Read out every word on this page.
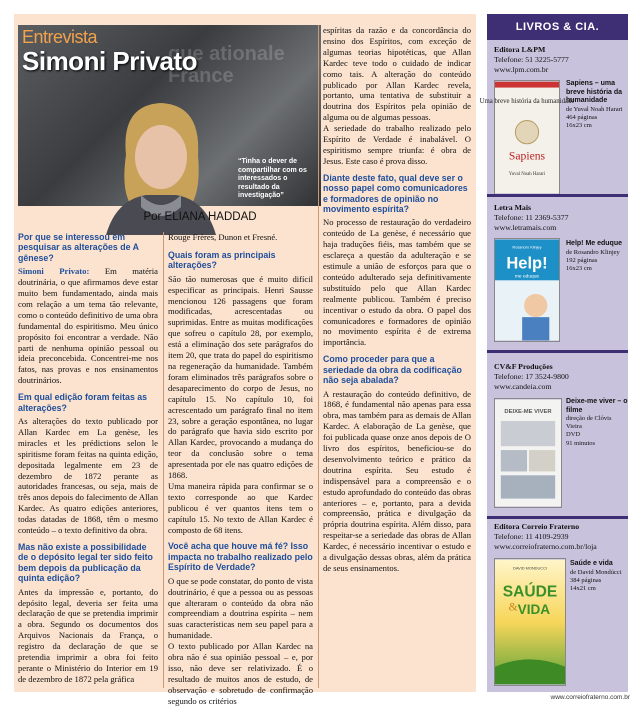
que ationale France
Entrevista
Simoni Privato
“Tinha o dever de compartilhar com os interessados o resultado da investigação”
Por ELIANA HADDAD
Por que se interessou em pesquisar as alterações de A gênese?

Simoni Privato: Em matéria doutrinária, o que afirmamos deve estar muito bem fundamentado, ainda mais com relação a um tema tão relevante, como o conteúdo definitivo de uma obra fundamental do espiritismo. Meu único propósito foi encontrar a verdade. Não parti de nenhuma opinião pessoal ou ideia preconcebida. Concentrei-me nos fatos, nas provas e nos ensinamentos doutrinários.

Em qual edição foram feitas as alterações?

As alterações do texto publicado por Allan Kardec em La genèse, les miracles et les prédictions selon le spiritisme foram feitas na quinta edição, depositada legalmente em 23 de dezembro de 1872 perante as autoridades francesas, ou seja, mais de três anos depois do falecimento de Allan Kardec. As quatro edições anteriores, todas datadas de 1868, têm o mesmo conteúdo – o texto definitivo da obra.

Mas não existe a possibilidade de o depósito legal ter sido feito bem depois da publicação da quinta edição?

Antes da impressão e, portanto, do depósito legal, deveria ser feita uma declaração de que se pretendia imprimir a obra. Segundo os documentos dos Arquivos Nacionais da França, o registro da declaração de que se pretendia imprimir a obra foi feito perante o Ministério do Interior em 19 de dezembro de 1872 pela gráfica

Rouge Frères, Dunon et Fresné.

Quais foram as principais alterações?

São tão numerosas que é muito difícil especificar as principais. Henri Sausse mencionou 126 passagens que foram modificadas, acrescentadas ou suprimidas. Entre as muitas modificações que sofreu o capítulo 28, por exemplo, está a eliminação dos sete parágrafos do item 20, que trata do papel do espiritismo na regeneração da humanidade. Também foram eliminados três parágrafos sobre o desaparecimento do corpo de Jesus, no capítulo 15. No capítulo 10, foi acrescentado um parágrafo final no item 23, sobre a geração espontânea, no lugar do parágrafo que havia sido escrito por Allan Kardec, provocando a mudança do teor da conclusão sobre o tema apresentada por ele nas quatro edições de 1868.

Uma maneira rápida para confirmar se o texto corresponde ao que Kardec publicou é ver quantos itens tem o capítulo 15. No texto de Allan Kardec é composto de 68 itens.

Você acha que houve má fé? Isso impacta no trabalho realizado pelo Espírito de Verdade?

O que se pode constatar, do ponto de vista doutrinário, é que a pessoa ou as pessoas que alteraram o conteúdo da obra não compreendiam a doutrina espírita – nem suas características nem seu papel para a humanidade.

O texto publicado por Allan Kardec na obra não é sua opinião pessoal – e, por isso, não deve ser relativizado. É o resultado de muitos anos de estudo, de observação e sobretudo de confirmação segundo os critérios

espíritas da razão e da concordância do ensino dos Espíritos, com exceção de algumas teorias hipotéticas, que Allan Kardec teve todo o cuidado de indicar como tais. A alteração do conteúdo publicado por Allan Kardec revela, portanto, uma tentativa de substituir a doutrina dos Espíritos pela opinião de alguma ou de algumas pessoas.

A seriedade do trabalho realizado pelo Espírito de Verdade é inabalável. O espiritismo sempre triunfa: é obra de Jesus. Este caso é prova disso.

Diante deste fato, qual deve ser o nosso papel como comunicadores e formadores de opinião no movimento espírita?

No processo de restauração do verdadeiro conteúdo de La genèse, é necessário que haja traduções fiéis, mas também que se esclareça a questão da adulteração e se estimule a união de esforços para que o conteúdo adulterado seja definitivamente substituído pelo que Allan Kardec realmente publicou. Também é preciso incentivar o estudo da obra. O papel dos comunicadores e formadores de opinião no movimento espírita é de extrema importância.

Como proceder para que a seriedade da obra da codificação não seja abalada?

A restauração do conteúdo definitivo, de 1868, é fundamental não apenas para essa obra, mas também para as demais de Allan Kardec. A elaboração de La genèse, que foi publicada quase onze anos depois de O livro dos espíritos, beneficiou-se do desenvolvimento teórico e prático da doutrina espírita. Seu estudo é indispensável para a compreensão e o estudo aprofundado do conteúdo das obras anteriores – e, portanto, para a devida compreensão, prática e divulgação da própria doutrina espírita. Além disso, para respeitar-se a seriedade das obras de Allan Kardec, é necessário incentivar o estudo e a divulgação dessas obras, além da prática de seus ensinamentos.

LIVROS & CIA.
Editora L&PM
Telefone: 51 3225-5777
www.lpm.com.br
Uma breve história da humanidade
Sapiens
Yuval Noah Harari
Sapiens – uma breve história da humanidade
de Yuval Noah Harari
464 páginas
16x23 cm
Letra Mais
Telefone: 11 2369-5377
www.letramais.com
Rosandro Klinjey
Help!
me eduque
Help! Me eduque
de Rosandro Klinjey
192 páginas
16x23 cm
CV&F Produções
Telefone: 17 3524-9800
www.candeia.com
DEIXE-ME VIVER
Deixe-me viver – o filme
direção de Clóvis Vieira
DVD
91 minutos
Editora Correio Fraterno
Telefone: 11 4109-2939
www.correiofraterno.com.br/loja
DAVID MONDUCCI
SAÚDE
& VIDA
Saúde e vida
de David Mondúcci
384 páginas
14x21 cm
www.correiofraterno.com.br
